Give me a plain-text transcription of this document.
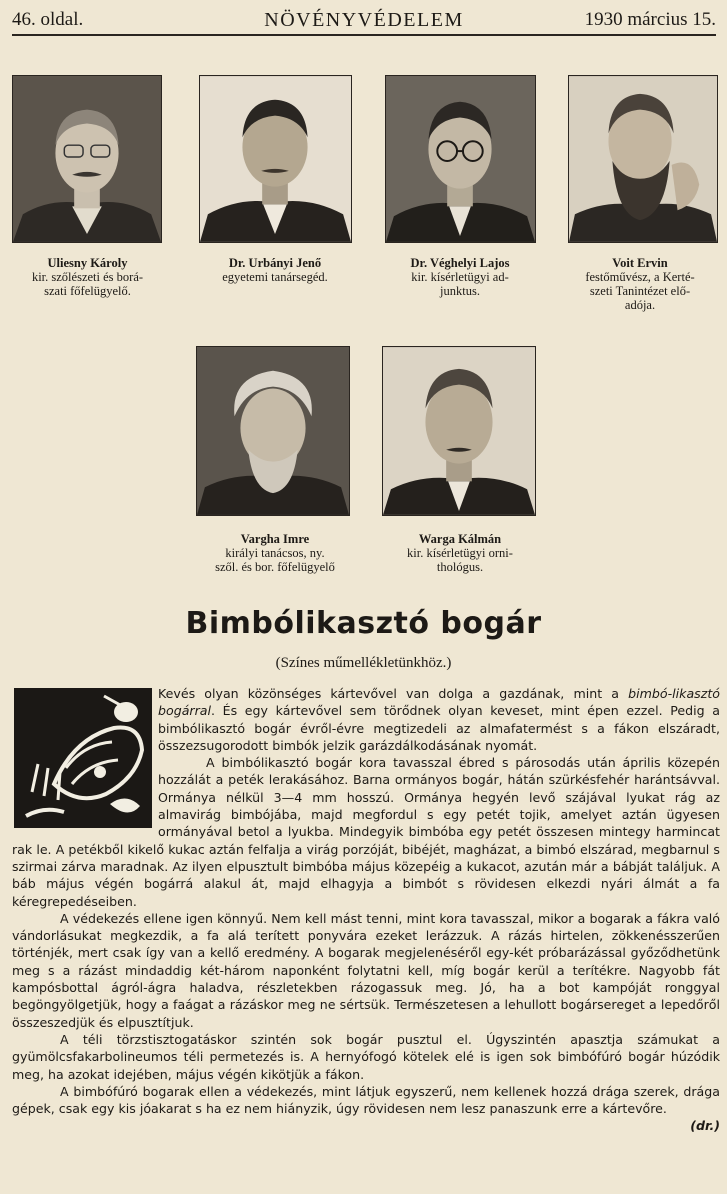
46. oldal.	NÖVÉNYVÉDELEM	1930 március 15.
Uliesny Károly
kir. szőlészeti és borá-
szati főfelügyelő.
Dr. Urbányi Jenő
egyetemi tanársegéd.
Dr. Véghelyi Lajos
kir. kísérletügyi ad-
junktus.
Voit Ervin
festőművész, a Kerté-
szeti Tanintézet elő-
adója.
Vargha Imre
királyi tanácsos, ny.
szől. és bor. főfelügyelő
Warga Kálmán
kir. kísérletügyi orni-
thológus.
Bimbólikasztó bogár
(Színes műmellékletünkhöz.)

Kevés olyan közönséges kártevővel van dolga a gazdának, mint a bimbó-likasztó bogárral. És egy kártevővel sem törődnek olyan keveset, mint épen ezzel. Pedig a bimbólikasztó bogár évről-évre megtizedeli az almafatermést s a fákon elszáradt, összezsugorodott bimbók jelzik garázdálkodásának nyomát.

A bimbólikasztó bogár kora tavasszal ébred s párosodás után április közepén hozzálát a peték lerakásához. Barna ormányos bogár, hátán szürkésfehér harántsávval. Ormánya nélkül 3—4 mm hosszú. Ormánya hegyén levő szájával lyukat rág az almavirág bimbójába, majd megfordul s egy petét tojik, amelyet aztán ügyesen ormányával betol a lyukba. Mindegyik bimbóba egy petét összesen mintegy harmincat rak le. A petékből kikelő kukac aztán felfalja a virág porzóját, bibéjét, magházat, a bimbó elszárad, megbarnul s szirmai zárva maradnak. Az ilyen elpusztult bimbóba május közepéig a kukacot, azután már a bábját találjuk. A báb május végén bogárrá alakul át, majd elhagyja a bimbót s rövidesen elkezdi nyári álmát a fa kéregrepedéseiben.

A védekezés ellene igen könnyű. Nem kell mást tenni, mint kora tavasszal, mikor a bogarak a fákra való vándorlásukat megkezdik, a fa alá terített ponyvára ezeket lerázzuk. A rázás hirtelen, zökkenésszerűen történjék, mert csak így van a kellő eredmény. A bogarak megjelenéséről egy-két próbarázással győződhetünk meg s a rázást mindaddig két-három naponként folytatni kell, míg bogár kerül a terítékre. Nagyobb fát kampósbottal ágról-ágra haladva, részletekben rázogassuk meg. Jó, ha a bot kampóját ronggyal begöngyölgetjük, hogy a faágat a rázáskor meg ne sértsük. Természetesen a lehullott bogársereget a lepedőről összeszedjük és elpusztítjuk.

A téli törzstisztogatáskor szintén sok bogár pusztul el. Úgyszintén apasztja számukat a gyümölcsfakarbolineumos téli permetezés is. A hernyófogó kötelek elé is igen sok bimbófúró bogár húzódik meg, ha azokat idejében, május végén kikötjük a fákon.

A bimbófúró bogarak ellen a védekezés, mint látjuk egyszerű, nem kellenek hozzá drága szerek, drága gépek, csak egy kis jóakarat s ha ez nem hiányzik, úgy rövidesen nem lesz panaszunk erre a kártevőre.
(dr.)
